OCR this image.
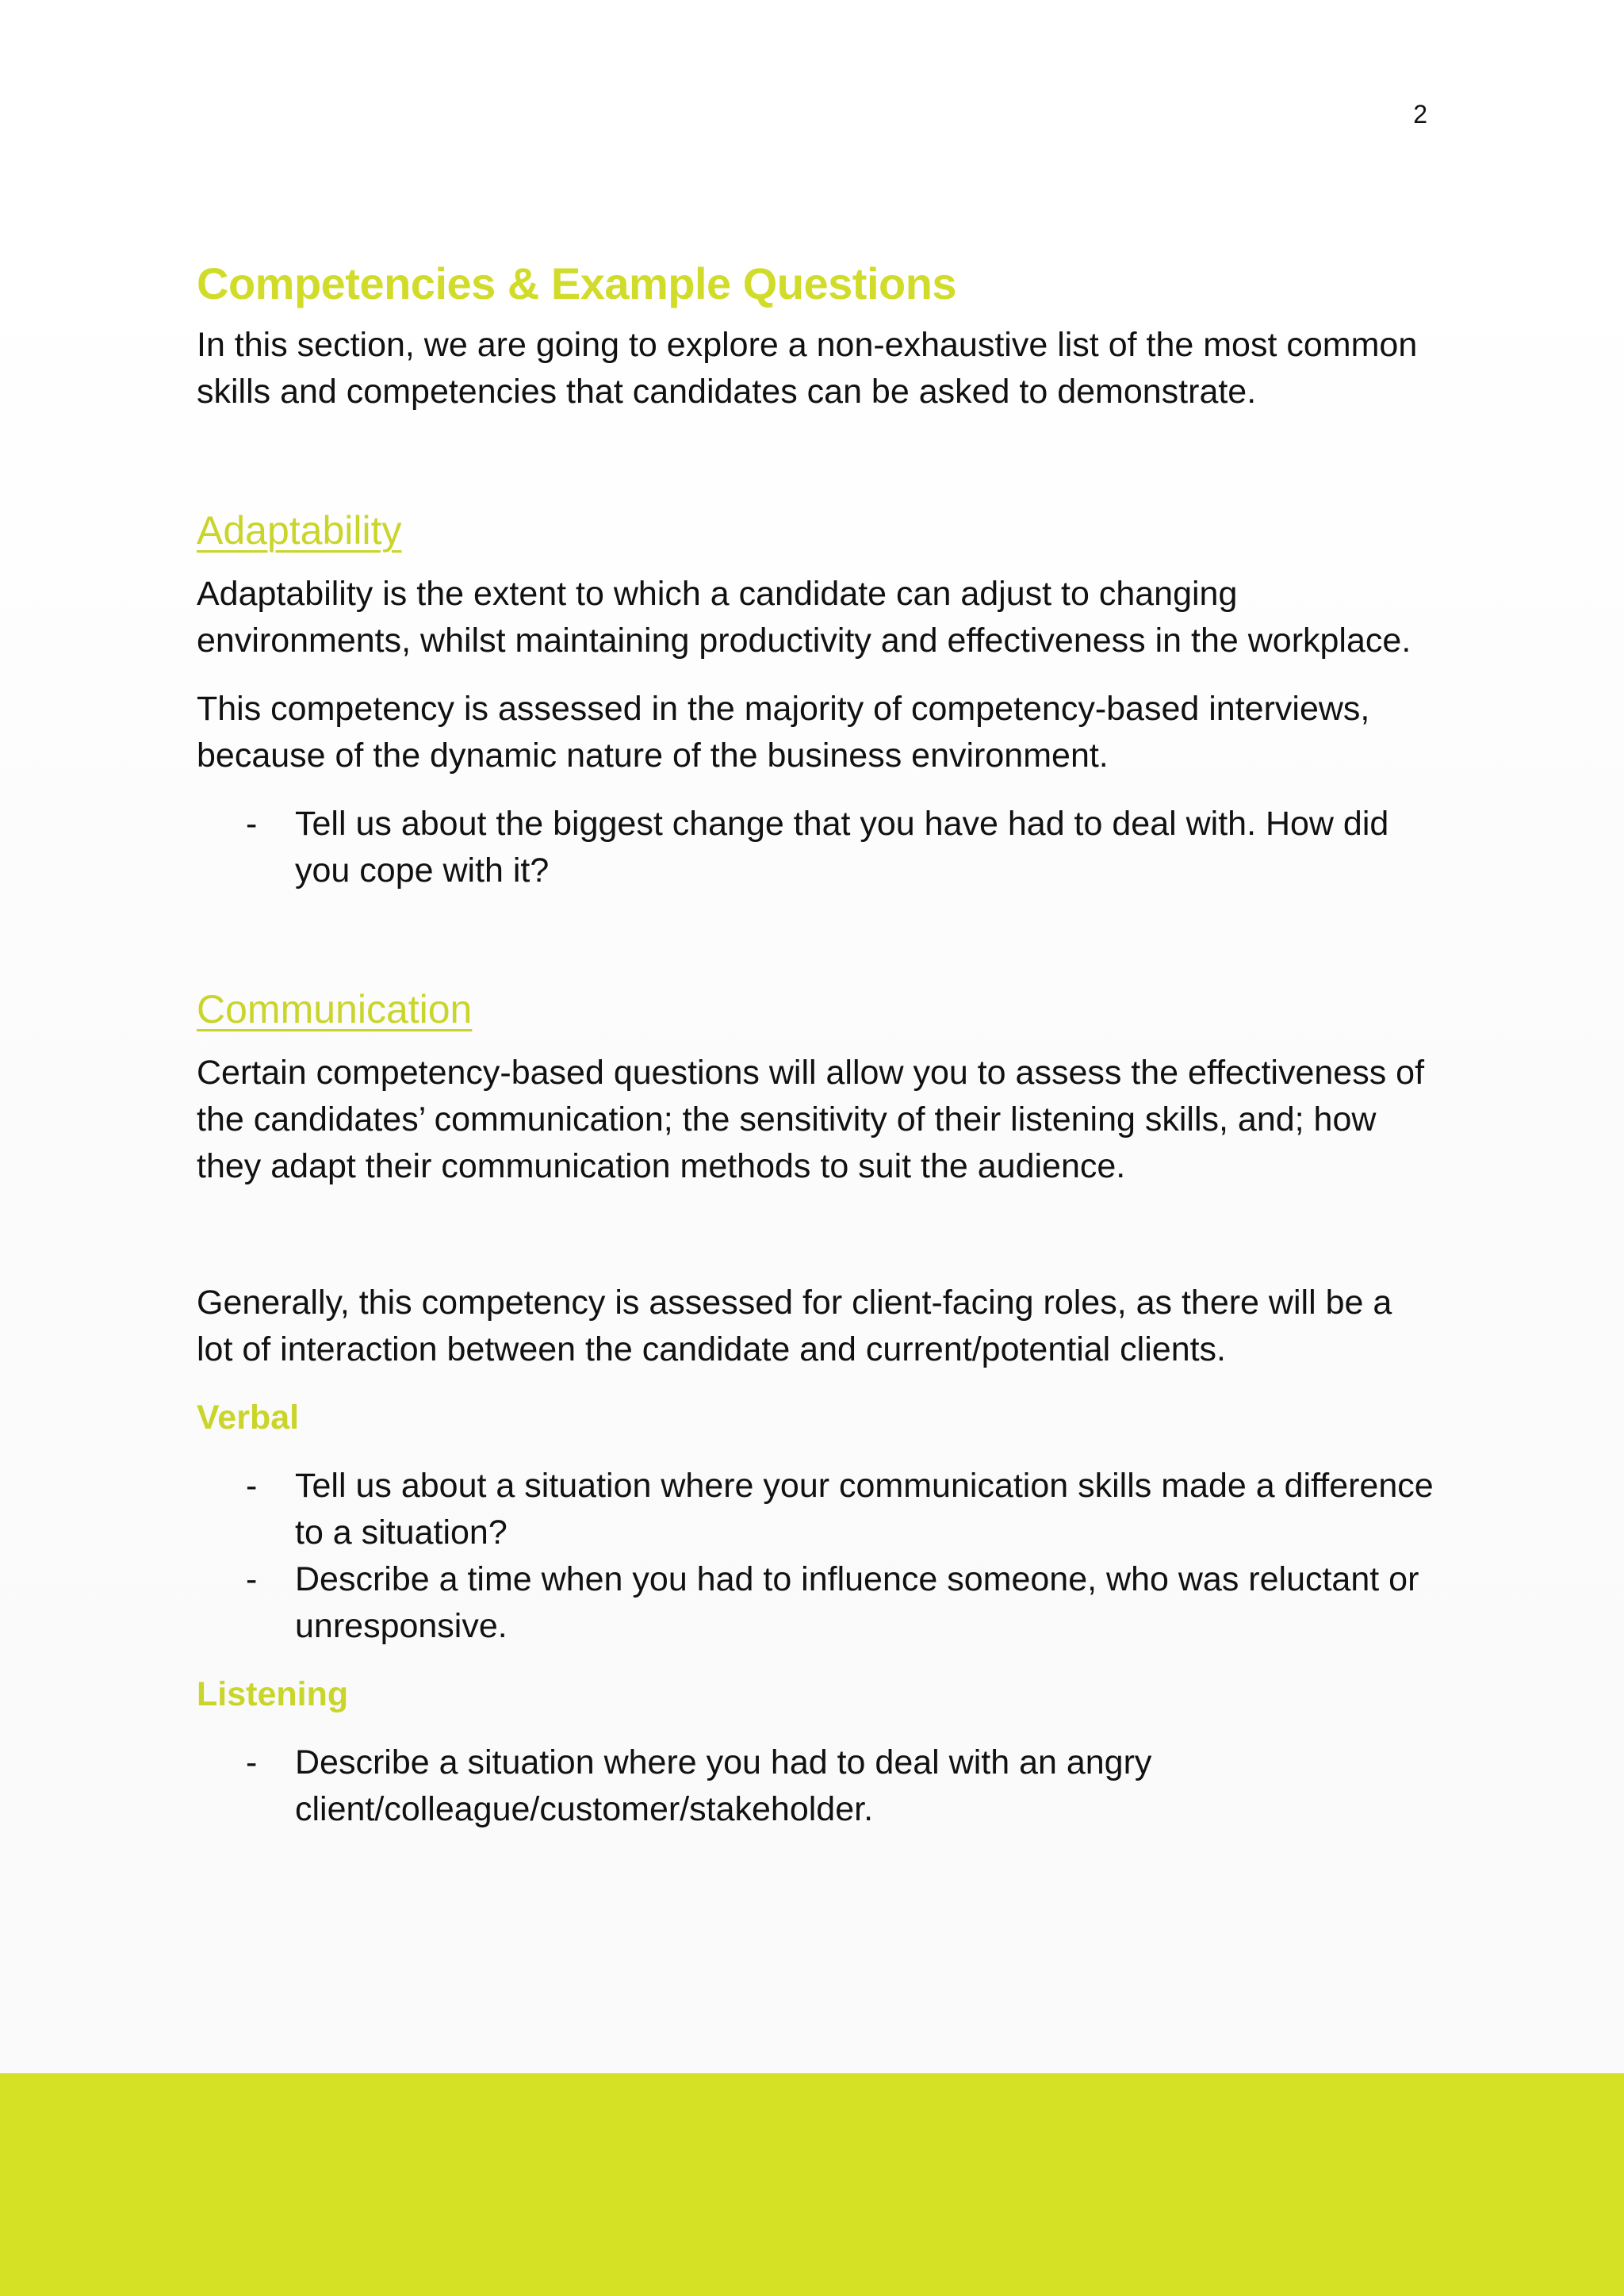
2
Competencies & Example Questions

In this section, we are going to explore a non-exhaustive list of the most common skills and competencies that candidates can be asked to demonstrate.

Adaptability

Adaptability is the extent to which a candidate can adjust to changing environments, whilst maintaining productivity and effectiveness in the workplace.

This competency is assessed in the majority of competency-based interviews, because of the dynamic nature of the business environment.

- Tell us about the biggest change that you have had to deal with. How did you cope with it?
Communication

Certain competency-based questions will allow you to assess the effectiveness of the candidates’ communication; the sensitivity of their listening skills, and; how they adapt their communication methods to suit the audience.

Generally, this competency is assessed for client-facing roles, as there will be a lot of interaction between the candidate and current/potential clients.

Verbal
- Tell us about a situation where your communication skills made a difference to a situation?
- Describe a time when you had to influence someone, who was reluctant or unresponsive.
Listening
- Describe a situation where you had to deal with an angry client/colleague/customer/stakeholder.
